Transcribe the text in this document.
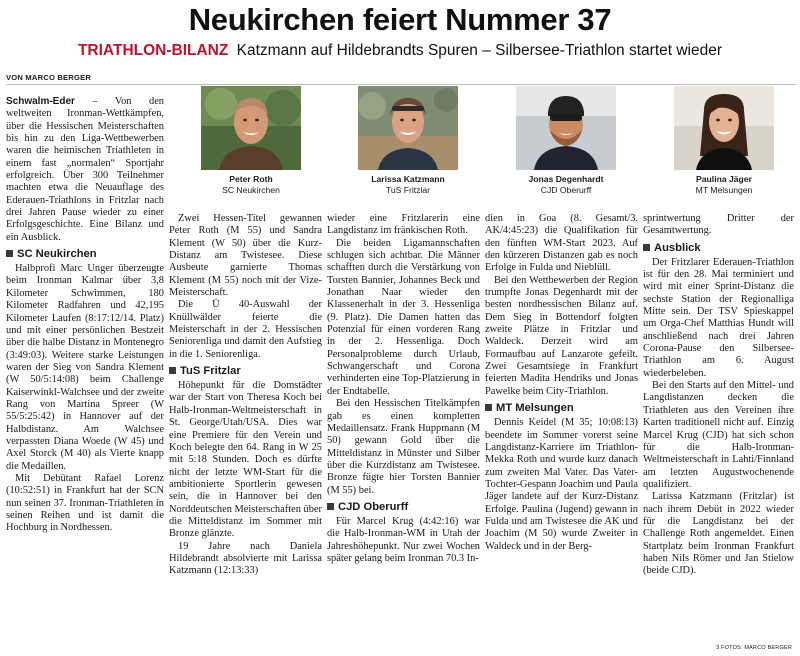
Neukirchen feiert Nummer 37
TRIATHLON-BILANZ Katzmann auf Hildebrandts Spuren – Silbersee-Triathlon startet wieder
VON MARCO BERGER

Schwalm-Eder – Von den weltweiten Ironman-Wettkämpfen, über die Hessischen Meisterschaften bis hin zu den Liga-Wettbewerben waren die heimischen Triathleten in einem fast „normalen“ Sportjahr erfolgreich. Über 300 Teilnehmer machten etwa die Neuauflage des Ederauen-Triathlons in Fritzlar nach drei Jahren Pause wieder zu einer Erfolgsgeschichte. Eine Bilanz und ein Ausblick.

SC Neukirchen

Halbprofi Marc Unger überzeugte beim Ironman Kalmar über 3,8 Kilometer Schwimmen, 180 Kilometer Radfahren und 42,195 Kilometer Laufen (8:17:12/14. Platz) und mit einer persönlichen Bestzeit über die halbe Distanz in Montenegro (3:49:03). Weitere starke Leistungen waren der Sieg von Sandra Klement (W 50/5:14:08) beim Challenge Kaiserwinkl-Walchsee und der zweite Rang von Martina Spreer (W 55/5:25:42) in Hannover auf der Halbdistanz. Am Walchsee verpassten Diana Woede (W 45) und Axel Storck (M 40) als Vierte knapp die Medaillen.

Mit Debütant Rafael Lorenz (10:52:51) in Frankfurt hat der SCN nun seinen 37. Ironman-Triathleten in seinen Reihen und ist damit die Hochburg in Nordhessen.

Peter Roth
SC Neukirchen
Larissa Katzmann
TuS Fritzlar
Jonas Degenhardt
CJD Oberurff
Paulina Jäger
MT Melsungen

Zwei Hessen-Titel gewannen Peter Roth (M 55) und Sandra Klement (W 50) über die Kurz-Distanz am Twistesee. Diese Ausbeute garnierte Thomas Klement (M 55) noch mit der Vize-Meisterschaft.

Die Ü 40-Auswahl der Knüllwälder feierte die Meisterschaft in der 2. Hessischen Seniorenliga und damit den Aufstieg in die 1. Seniorenliga.

TuS Fritzlar

Höhepunkt für die Domstädter war der Start von Theresa Koch bei Halb-Ironman-Weltmeisterschaft in St. George/Utah/USA. Dies war eine Premiere für den Verein und Koch belegte den 64. Rang in W 25 mit 5:18 Stunden. Doch es dürfte nicht der letzte WM-Start für die ambitionierte Sportlerin gewesen sein, die in Hannover bei den Norddeutschen Meisterschaften über die Mitteldistanz im Sommer mit Bronze glänzte.

19 Jahre nach Daniela Hildebrandt absolvierte mit Larissa Katzmann (12:13:33)

wieder eine Fritzlarerin eine Langdistanz im fränkischen Roth.

Die beiden Ligamannschaften schlugen sich achtbar. Die Männer schafften durch die Verstärkung von Torsten Bannier, Johannes Beck und Jonathan Naar wieder den Klassenerhalt in der 3. Hessenliga (9. Platz). Die Damen hatten das Potenzial für einen vorderen Rang in der 2. Hessenliga. Doch Personalprobleme durch Urlaub, Schwangerschaft und Corona verhinderten eine Top-Platzierung in der Endtabelle.

Bei den Hessischen Titelkämpfen gab es einen kompletten Medaillensatz. Frank Huppmann (M 50) gewann Gold über die Mitteldistanz in Münster und Silber über die Kurzdistanz am Twistesee. Bronze fügte hier Torsten Bannier (M 55) bei.

CJD Oberurff

Für Marcel Krug (4:42:16) war die Halb-Ironman-WM in Utah der Jahreshöhepunkt. Nur zwei Wochen später gelang beim Ironman 70.3 In-

dien in Goa (8. Gesamt/3. AK/4:45:23) die Qualifikation für den fünften WM-Start 2023. Auf den kürzeren Distanzen gab es noch Erfolge in Fulda und Nieblüll.

Bei den Wettbewerben der Region trumpfte Jonas Degenhardt mit der besten nordhessischen Bilanz auf. Dem Sieg in Bottendorf folgten zweite Plätze in Fritzlar und Waldeck. Derzeit wird am Formaufbau auf Lanzarote gefeilt. Zwei Gesamtsiege in Frankfurt feierten Madita Hendriks und Jonas Pawelke beim City-Triathlon.

MT Melsungen

Dennis Keidel (M 35; 10:08:13) beendete im Sommer vorerst seine Langdistanz-Karriere im Triathlon-Mekka Roth und wurde kurz danach zum zweiten Mal Vater. Das Vater-Tochter-Gespann Joachim und Paula Jäger landete auf der Kurz-Distanz Erfolge. Paulina (Jugend) gewann in Fulda und am Twistesee die AK und Joachim (M 50) wurde Zweiter in Waldeck und in der Berg-

sprintwertung Dritter der Gesamtwertung.

Ausblick

Der Fritzlarer Ederauen-Triathlon ist für den 28. Mai terminiert und wird mit einer Sprint-Distanz die sechste Station der Regionalliga Mitte sein. Der TSV Spieskappel um Orga-Chef Matthias Hundt will anschließend nach drei Jahren Corona-Pause den Silbersee-Triathlon am 6. August wiederbeleben.

Bei den Starts auf den Mittel- und Langdistanzen decken die Triathleten aus den Vereinen ihre Karten traditionell nicht auf. Einzig Marcel Krug (CJD) hat sich schon für die Halb-Ironman-Weltmeisterschaft in Lahti/Finnland am letzten Augustwochenende qualifiziert.

Larissa Katzmann (Fritzlar) ist nach ihrem Debüt in 2022 wieder für die Langdistanz bei der Challenge Roth angemeldet. Einen Startplatz beim Ironman Frankfurt haben Nils Römer und Jan Stielow (beide CJD).

3 FOTOS: MARCO BERGER
